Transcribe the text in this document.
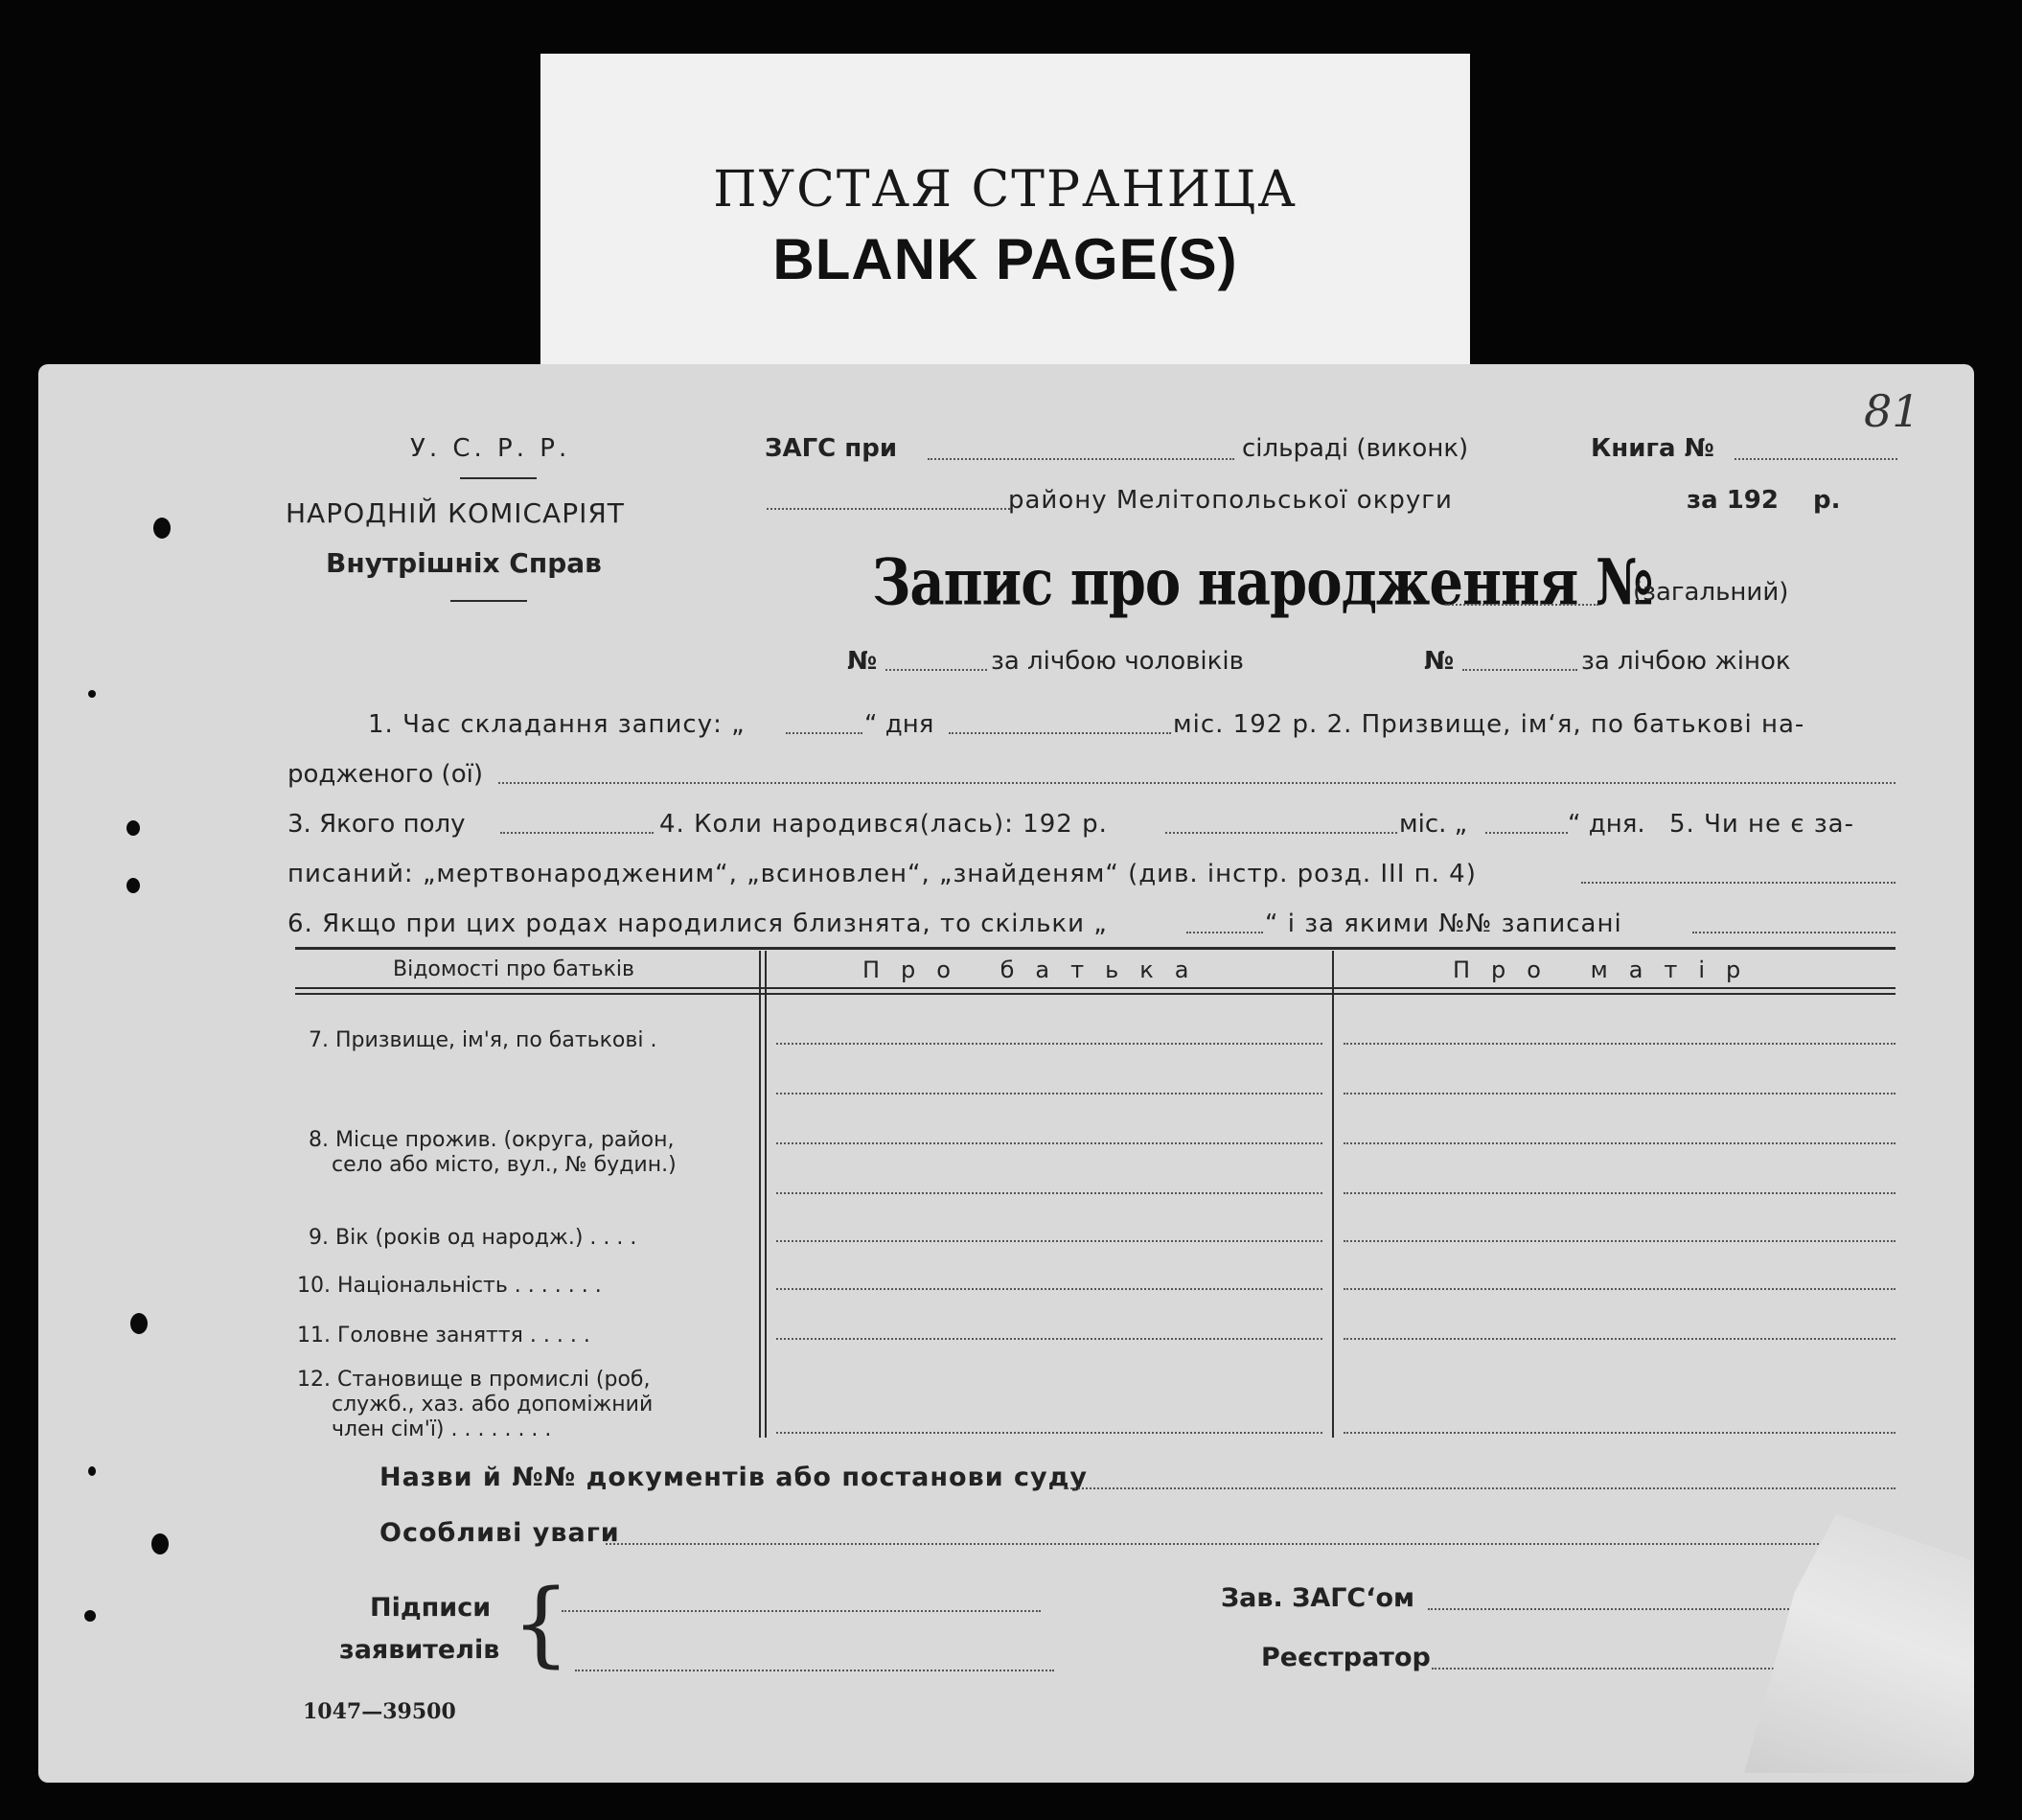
ПУСТАЯ СТРАНИЦА
BLANK PAGE(S)
У. С. Р. Р.
НАРОДНІЙ КОМІСАРІЯТ
Внутрішніх Справ
ЗАГС при	сільраді (виконк)	Книга №
81
району Мелітопольської округи	за 192 р.
Запис про народження №
(загальний)
№	за лічбою чоловіків	№	за лічбою жінок
1. Час складання запису: „	“ дня	міс. 192 р. 2. Призвище, ім‘я, по батькові на-
родженого (ої)
3. Якого полу	4. Коли народився(лась): 192 р.	міс. „	“ дня. 5. Чи не є за-
писаний: „мертвонародженим“, „всиновлен“, „знайденям“ (див. інстр. розд. III п. 4)
6. Якщо при цих родах народилися близнята, то скільки „	“ і за якими №№ записані
Відомості про батьків	Про батька	Про матір
7. Призвище, ім'я, по батькові .
8. Місце прожив. (округа, район,
село або місто, вул., № будин.)
9. Вік (років од народж.) . . . .
10. Національність . . . . . . .
11. Головне заняття . . . . .
12. Становище в промислі (роб,
служб., хаз. або допоміжний
член сім'ї) . . . . . . . .
Назви й №№ документів або постанови суду
Особливі уваги
Підписи
заявителів {	Зав. ЗАГС‘ом
Реєстратор
1047—39500
